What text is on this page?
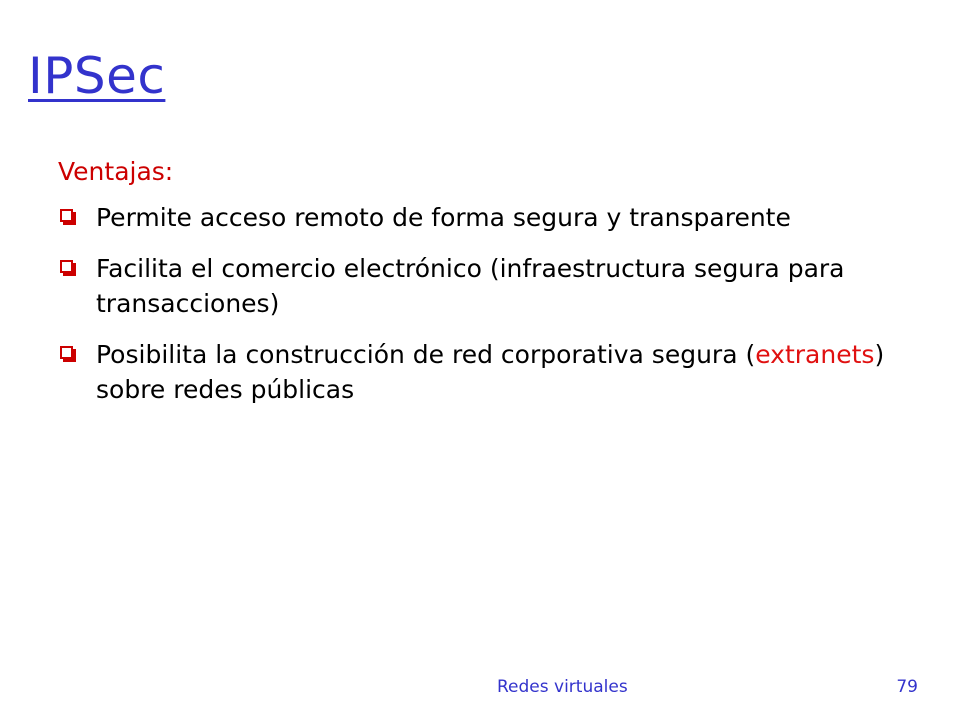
IPSec
Ventajas:
Permite acceso remoto de forma segura y transparente
Facilita el comercio electrónico (infraestructura segura para transacciones)
Posibilita la construcción de red corporativa segura (extranets) sobre redes públicas
Redes virtuales	79
